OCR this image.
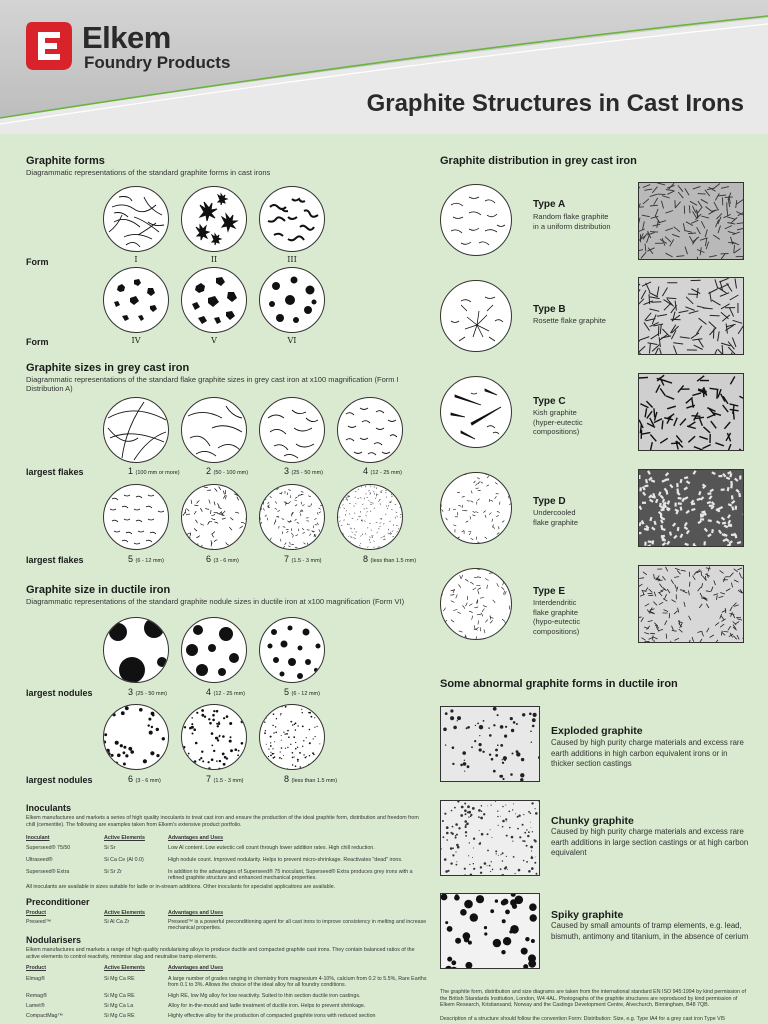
Elkem
Foundry Products
Graphite Structures in Cast Irons
Graphite forms
Diagrammatic representations of the standard graphite forms in cast irons
I	II	III
Form
IV	V	VI
Form
Graphite sizes in grey cast iron
Diagrammatic representations of the standard flake graphite sizes in grey cast iron at x100 magnification (Form I Distribution A)
largest flakes	1 (100 mm or more)	2 (50 - 100 mm)	3 (25 - 50 mm)	4 (12 - 25 mm)
largest flakes	5 (6 - 12 mm)	6 (3 - 6 mm)	7 (1.5 - 3 mm)	8 (less than 1.5 mm)
Graphite size in ductile iron
Diagrammatic representations of the standard graphite nodule sizes in ductile iron at x100 magnification (Form VI)
largest nodules	3 (25 - 50 mm)	4 (12 - 25 mm)	5 (6 - 12 mm)
largest nodules	6 (3 - 6 mm)	7 (1.5 - 3 mm)	8 (less than 1.5 mm)
Inoculants
Elkem manufactures and markets a series of high quality inoculants to treat cast iron and ensure the production of the ideal graphite form, distribution and freedom from chill (cementite). The following are examples taken from Elkem's extensive product portfolio.
Inoculant	Active Elements	Advantages and Uses
Superseed® 75/50	Si Sr	Low Al content. Low eutectic cell count through lower addition rates. High chill reduction.
Ultraseed®	Si Ca Ce (Al 0.0)	High nodule count. Improved nodularity. Helps to prevent micro-shrinkage. Reactivates "dead" irons.
Superseed® Extra	Si Sr Zr	In addition to the advantages of Superseed® 75 inoculant, Superseed® Extra produces grey irons with a refined graphite structure and enhanced mechanical properties.
All inoculants are available in sizes suitable for ladle or in-stream additions. Other inoculants for specialist applications are available.
Preconditioner
Product	Active Elements	Advantages and Uses
Preseed™	Si Al Ca Zr	Preseed™ is a powerful preconditioning agent for all cast irons to improve consistency in melting and increase mechanical properties.
Nodularisers
Elkem manufactures and markets a range of high quality nodularising alloys to produce ductile and compacted graphite cast irons. They contain balanced ratios of the active elements to control reactivity, minimise slag and neutralise tramp elements.
Product	Active Elements	Advantages and Uses
Elmag®	Si Mg Ca RE	A large number of grades ranging in chemistry from magnesium 4-10%, calcium from 0.2 to 5.5%, Rare Earths from 0.1 to 3%. Allows the choice of the ideal alloy for all foundry conditions.
Remag®	Si Mg Ca RE	High RE, low Mg alloy for low reactivity. Suited to thin section ductile iron castings.
Lamet®	Si Mg Ca La	Alloy for in-the-mould and ladle treatment of ductile iron. Helps to prevent shrinkage.
CompactMag™	Si Mg Ca RE	Highly effective alloy for the production of compacted graphite irons with reduced section
Graphite distribution in grey cast iron
Type A
Random flake graphite
in a uniform distribution
Type B
Rosette flake graphite
Type C
Kish graphite
(hyper-eutectic
compositions)
Type D
Undercooled
flake graphite
Type E
Interdendritic
flake graphite
(hypo-eutectic
compositions)
Some abnormal graphite forms in ductile iron
Exploded graphite
Caused by high purity charge materials and excess rare earth additions in high carbon equivalent irons or in thicker section castings
Chunky graphite
Caused by high purity charge materials and excess rare earth additions in large section castings or at high carbon equivalent
Spiky graphite
Caused by small amounts of tramp elements, e.g. lead, bismuth, antimony and titanium, in the absence of cerium
The graphite form, distribution and size diagrams are taken from the international standard EN ISO 945:1994 by kind permission of the British Standards Institution, London, W4 4AL. Photographs of the graphite structures are reproduced by kind permission of Elkem Research, Kristiansand, Norway and the Castings Development Centre, Alvechurch, Birmingham, B48 7QB.
Description of a structure should follow the convention Form: Distribution: Size, e.g. Type IA4 for a grey cast iron Type VI5
